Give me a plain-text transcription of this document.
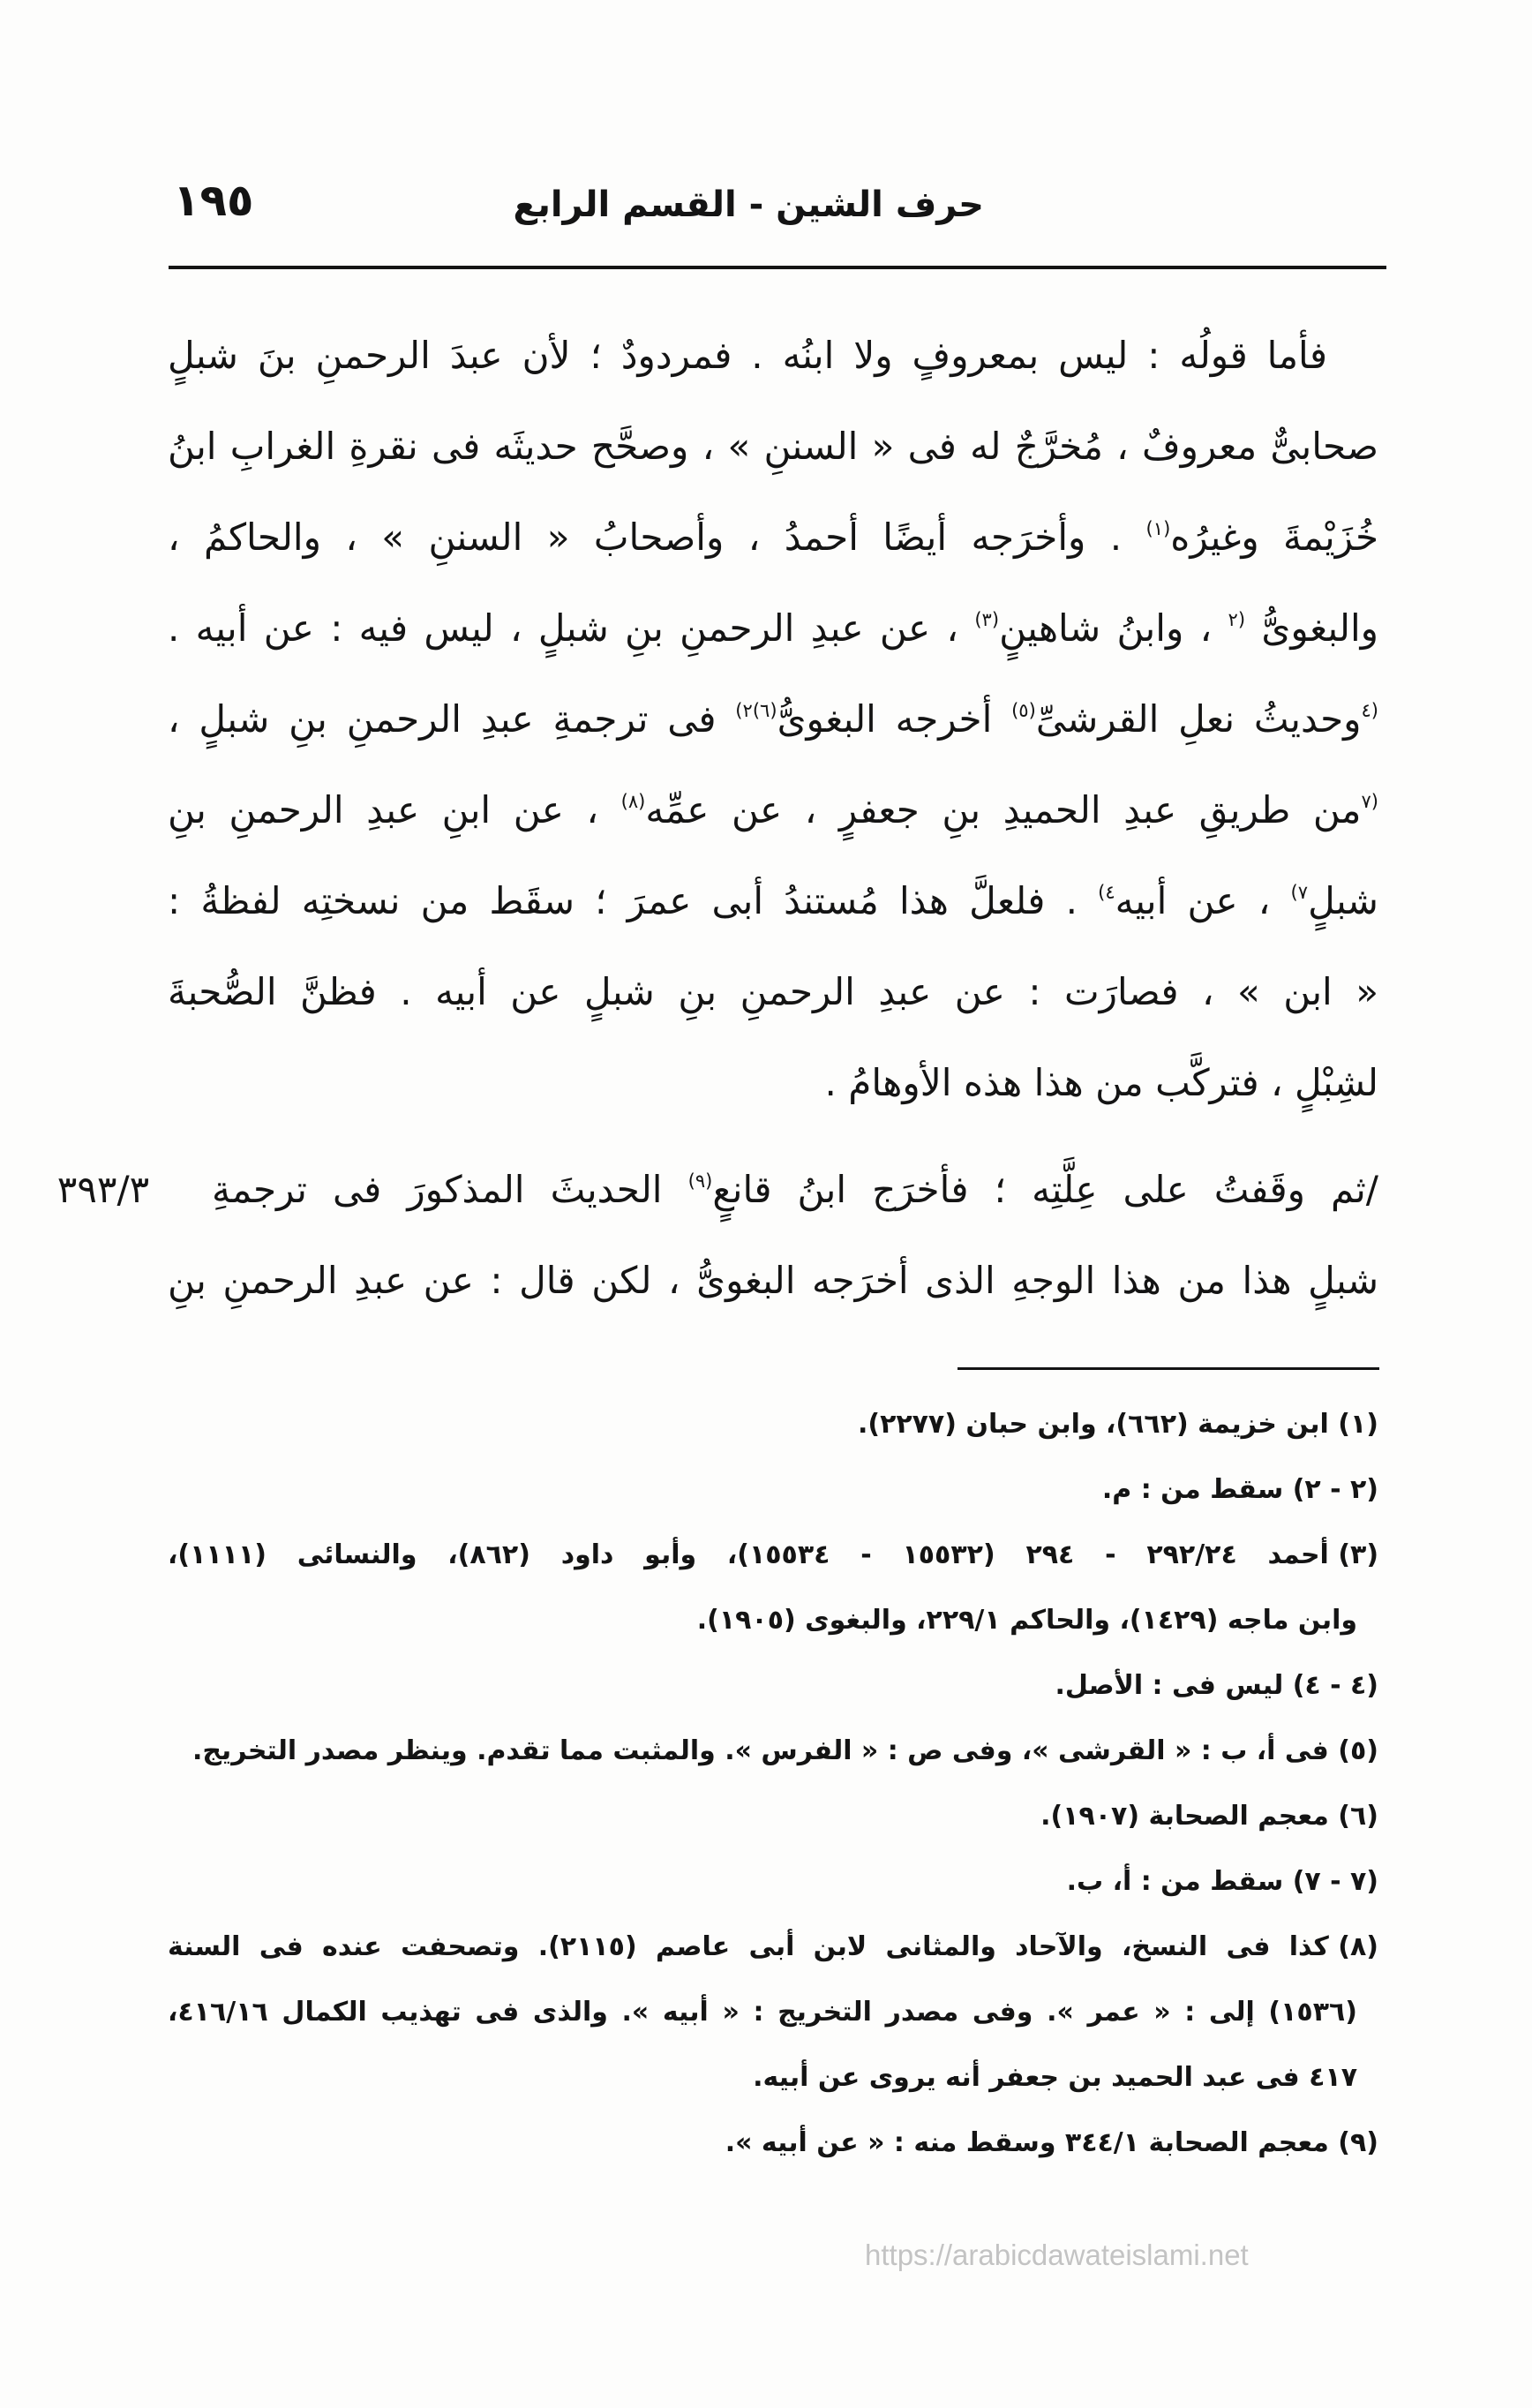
١٩٥	حرف الشين - القسم الرابع
فأما قولُه : ليس بمعروفٍ ولا ابنُه . فمردودٌ ؛ لأن عبدَ الرحمنِ بنَ شبلٍ
صحابىٌّ معروفٌ ، مُخرَّجٌ له فى « السننِ » ، وصحَّح حديثَه فى نقرةِ الغرابِ ابنُ
خُزَيْمةَ وغيرُه$^{(١)}$ . وأخرَجه أيضًا أحمدُ ، وأصحابُ « السننِ » ، والحاكمُ ،
والبغوىُّ $^{(٢}$ ، وابنُ شاهينٍ$^{(٣)}$ ، عن عبدِ الرحمنِ بنِ شبلٍ ، ليس فيه : عن أبيه .
$^{(٤}$وحديثُ نعلِ القرشىِّ$^{(٥)}$ أخرجه البغوىُّ$^{(٦)٢)}$ فى ترجمةِ عبدِ الرحمنِ بنِ شبلٍ ،
$^{(٧}$من طريقِ عبدِ الحميدِ بنِ جعفرٍ ، عن عمِّه$^{(٨)}$ ، عن ابنِ عبدِ الرحمنِ بنِ
شبلٍ$^{٧)}$ ، عن أبيه$^{٤)}$ . فلعلَّ هذا مُستندُ أبى عمرَ ؛ سقَط من نسختِه لفظةُ :
« ابن » ، فصارَت : عن عبدِ الرحمنِ بنِ شبلٍ عن أبيه . فظنَّ الصُّحبةَ
لشِبْلٍ ، فتركَّب من هذا هذه الأوهامُ .
/ثم وقَفتُ على عِلَّتِه ؛ فأخرَج ابنُ قانعٍ$^{(٩)}$ الحديثَ المذكورَ فى ترجمةِ
شبلٍ هذا من هذا الوجهِ الذى أخرَجه البغوىُّ ، لكن قال : عن عبدِ الرحمنِ بنِ
٣٩٣/٣
(١)ابن خزيمة (٦٦٢)، وابن حبان (٢٢٧٧).
(٢ - ٢)سقط من : م.
(٣)أحمد ٢٩٢/٢٤ - ٢٩٤ (١٥٥٣٢ - ١٥٥٣٤)، وأبو داود (٨٦٢)، والنسائى (١١١١)،
وابن ماجه (١٤٢٩)، والحاكم ٢٢٩/١، والبغوى (١٩٠٥).
(٤ - ٤)ليس فى : الأصل.
(٥)فى أ، ب : « القرشى »، وفى ص : « الفرس ». والمثبت مما تقدم. وينظر مصدر التخريج.
(٦)معجم الصحابة (١٩٠٧).
(٧ - ٧)سقط من : أ، ب.
(٨)كذا فى النسخ، والآحاد والمثانى لابن أبى عاصم (٢١١٥). وتصحفت عنده فى السنة
(١٥٣٦) إلى : « عمر ». وفى مصدر التخريج : « أبيه ». والذى فى تهذيب الكمال ٤١٦/١٦،
٤١٧ فى عبد الحميد بن جعفر أنه يروى عن أبيه.
(٩)معجم الصحابة ٣٤٤/١ وسقط منه : « عن أبيه ».
https://arabicdawateislami.net
